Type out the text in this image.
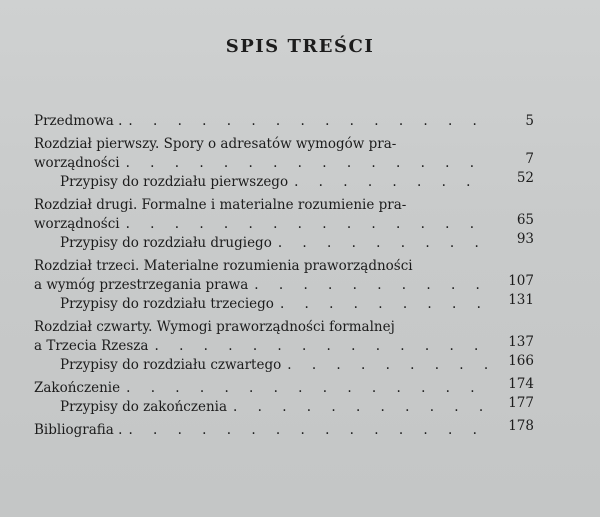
SPIS TREŚCI
Przedmowa . . . .	5
Rozdział pierwszy. Spory o adresatów wymogów pra-
worządności . . .	7
Przypisy do rozdziału pierwszego . . .	52
Rozdział drugi. Formalne i materialne rozumienie pra-
worządności . . .	65
Przypisy do rozdziału drugiego . . .	93
Rozdział trzeci. Materialne rozumienia praworządności
a wymóg przestrzegania prawa . . .	107
Przypisy do rozdziału trzeciego . . .	131
Rozdział czwarty. Wymogi praworządności formalnej
a Trzecia Rzesza . . .	137
Przypisy do rozdziału czwartego . . .	166
Zakończenie . . .	174
Przypisy do zakończenia . . .	177
Bibliografia . . . .	178
